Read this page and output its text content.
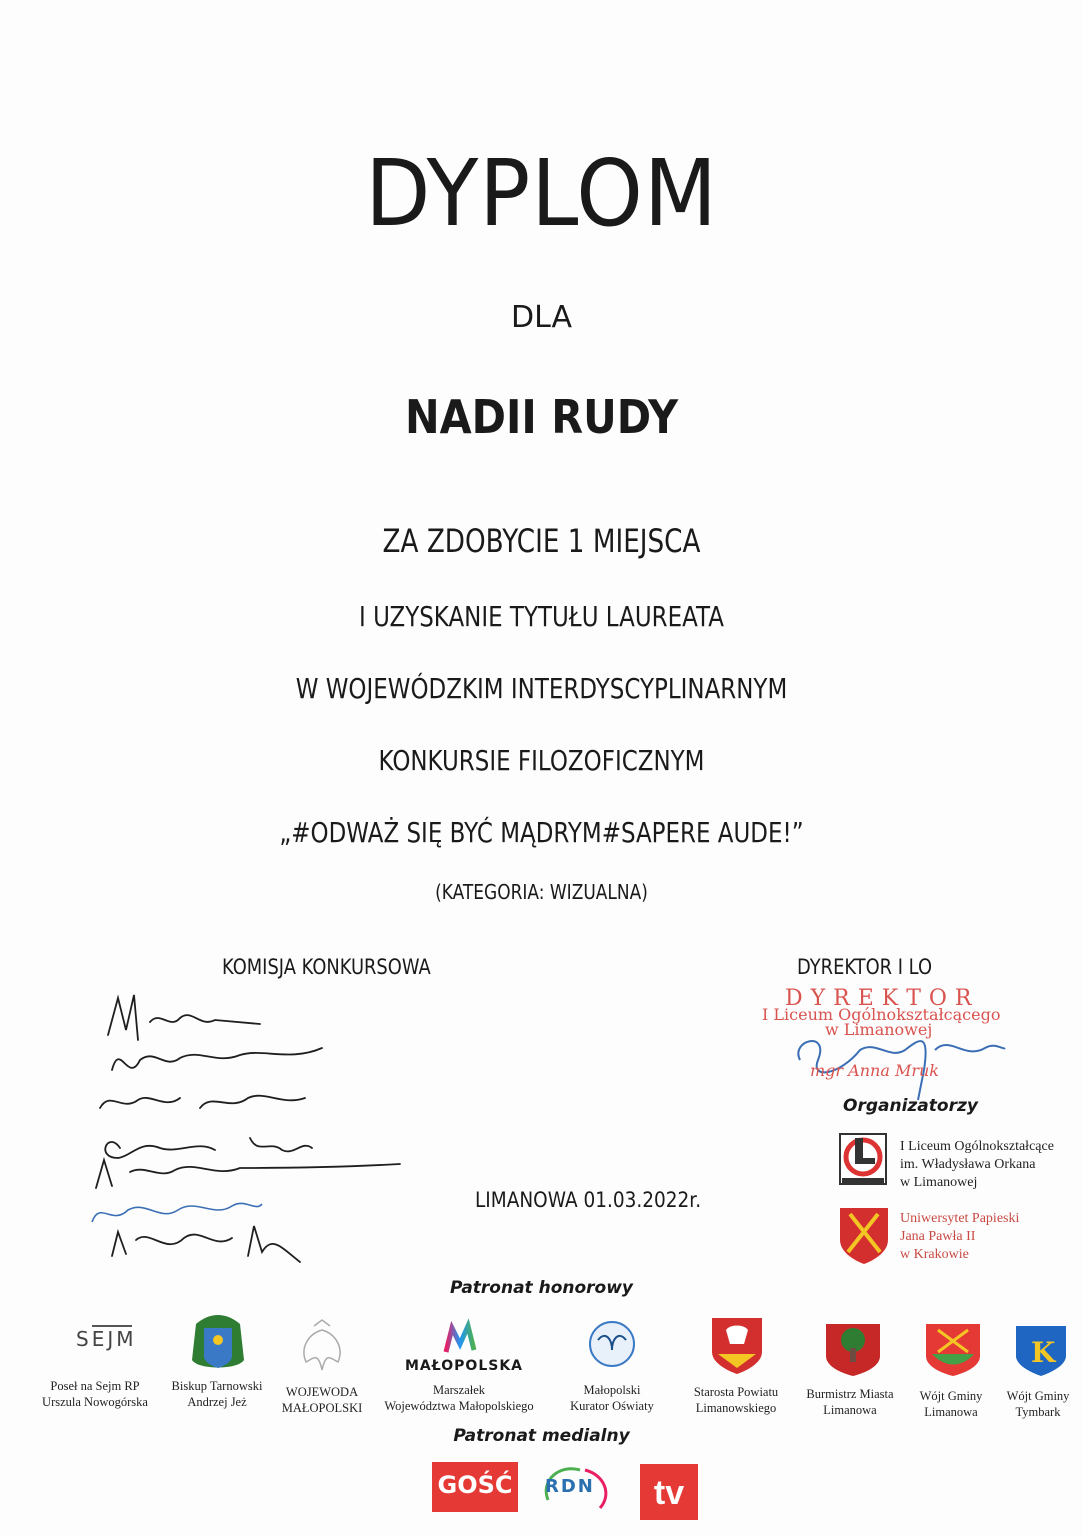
DYPLOM
DLA
NADII RUDY
ZA ZDOBYCIE 1 MIEJSCA
I UZYSKANIE TYTUŁU LAUREATA
W WOJEWÓDZKIM INTERDYSCYPLINARNYM
KONKURSIE FILOZOFICZNYM
„#ODWAŻ SIĘ BYĆ MĄDRYM#SAPERE AUDE!”
(KATEGORIA: WIZUALNA)
KOMISJA KONKURSOWA	DYREKTOR I LO
SEJM	K
DYREKTOR
I Liceum Ogólnokształcącego
w Limanowej
mgr Anna Mruk
LIMANOWA 01.03.2022r.
Organizatorzy
I Liceum Ogólnokształcące
im. Władysława Orkana
w Limanowej
Uniwersytet Papieski
Jana Pawła II
w Krakowie
Patronat honorowy
MAŁOPOLSKA
Poseł na Sejm RP
Urszula Nowogórska
Biskup Tarnowski
Andrzej Jeż
WOJEWODA
MAŁOPOLSKI
Marszałek
Województwa Małopolskiego
Małopolski
Kurator Oświaty
Starosta Powiatu
Limanowskiego
Burmistrz Miasta
Limanowa
Wójt Gminy
Limanowa
Wójt Gminy
Tymbark
Patronat medialny
GOŚĆ	RDN	tv
